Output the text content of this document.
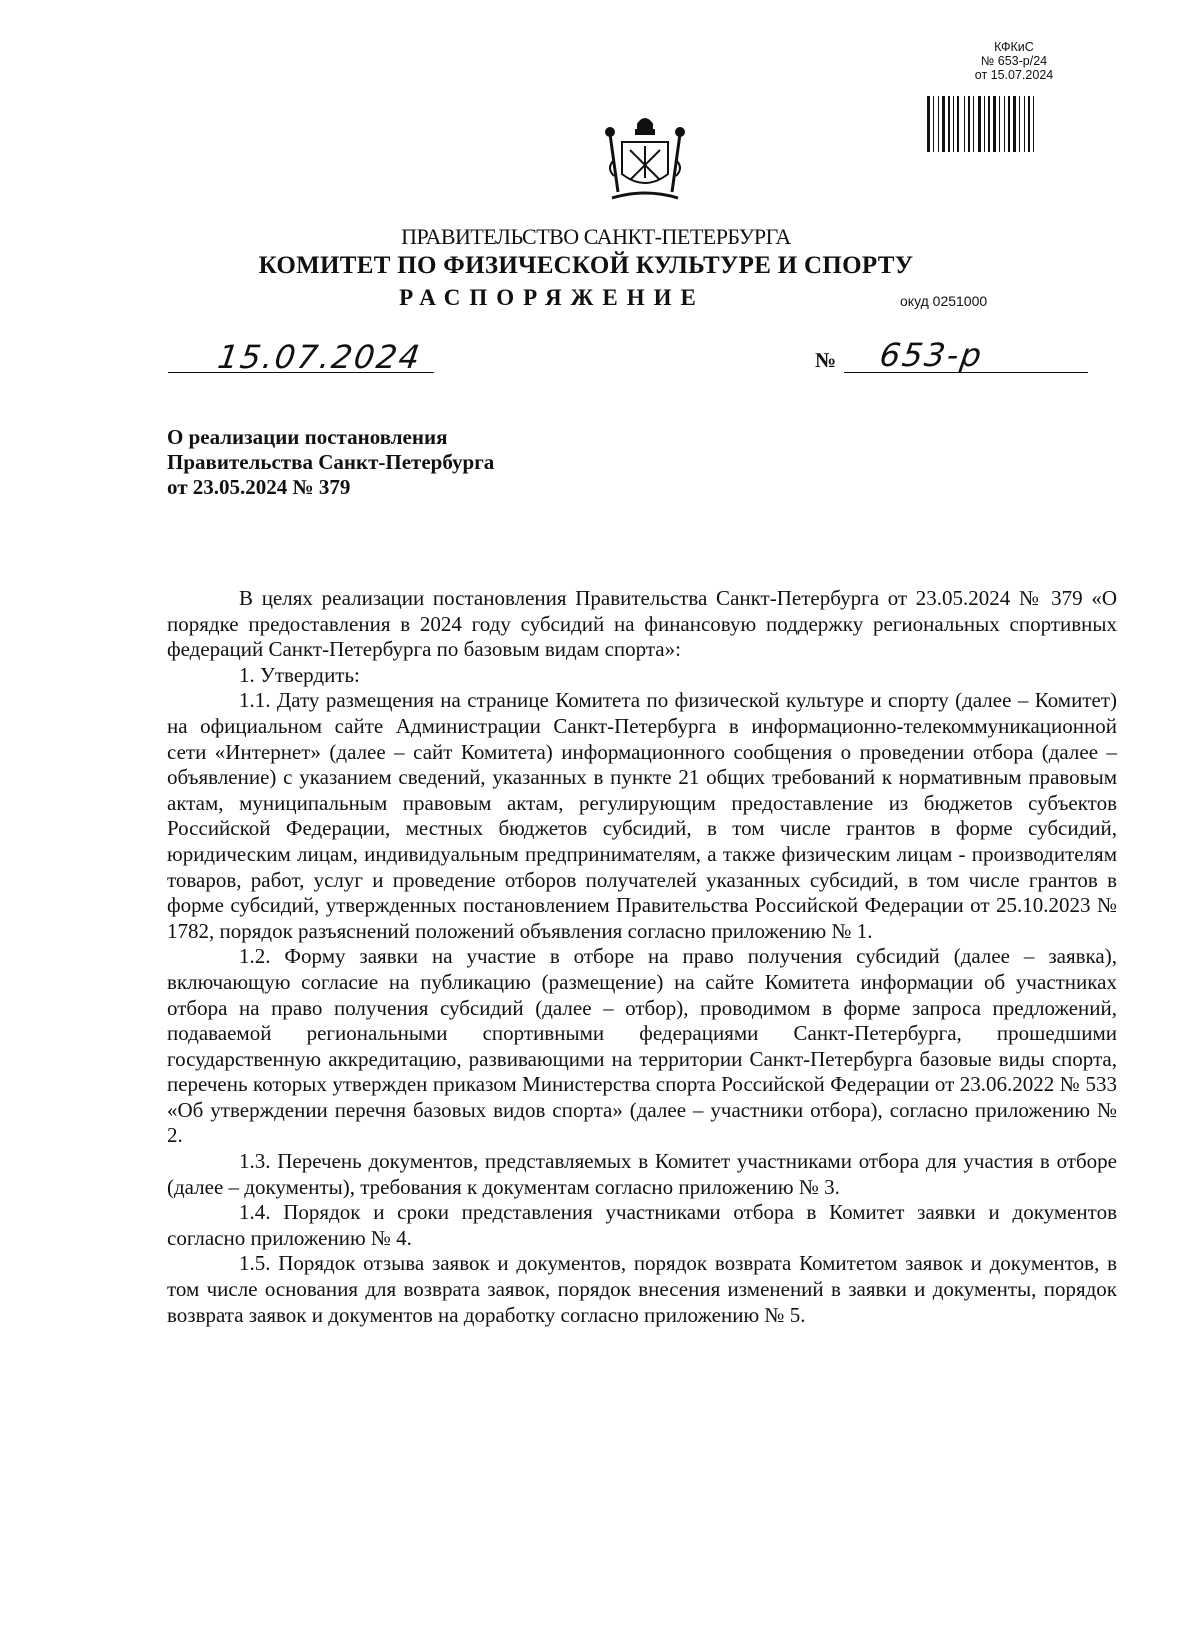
КФКиС
№ 653-р/24
от 15.07.2024
ПРАВИТЕЛЬСТВО САНКТ-ПЕТЕРБУРГА
КОМИТЕТ ПО ФИЗИЧЕСКОЙ КУЛЬТУРЕ И СПОРТУ
РАСПОРЯЖЕНИЕ	окуд 0251000
15.07.2024	№ 653-р
О реализации постановления
Правительства Санкт-Петербурга
от 23.05.2024 № 379

В целях реализации постановления Правительства Санкт-Петербурга от 23.05.2024 № 379 «О порядке предоставления в 2024 году субсидий на финансовую поддержку региональных спортивных федераций Санкт-Петербурга по базовым видам спорта»:

1. Утвердить:

1.1. Дату размещения на странице Комитета по физической культуре и спорту (далее – Комитет) на официальном сайте Администрации Санкт-Петербурга в информационно-телекоммуникационной сети «Интернет» (далее – сайт Комитета) информационного сообщения о проведении отбора (далее – объявление) с указанием сведений, указанных в пункте 21 общих требований к нормативным правовым актам, муниципальным правовым актам, регулирующим предоставление из бюджетов субъектов Российской Федерации, местных бюджетов субсидий, в том числе грантов в форме субсидий, юридическим лицам, индивидуальным предпринимателям, а также физическим лицам - производителям товаров, работ, услуг и проведение отборов получателей указанных субсидий, в том числе грантов в форме субсидий, утвержденных постановлением Правительства Российской Федерации от 25.10.2023 № 1782, порядок разъяснений положений объявления согласно приложению № 1.

1.2. Форму заявки на участие в отборе на право получения субсидий (далее – заявка), включающую согласие на публикацию (размещение) на сайте Комитета информации об участниках отбора на право получения субсидий (далее – отбор), проводимом в форме запроса предложений, подаваемой региональными спортивными федерациями Санкт-Петербурга, прошедшими государственную аккредитацию, развивающими на территории Санкт-Петербурга базовые виды спорта, перечень которых утвержден приказом Министерства спорта Российской Федерации от 23.06.2022 № 533 «Об утверждении перечня базовых видов спорта» (далее – участники отбора), согласно приложению № 2.

1.3. Перечень документов, представляемых в Комитет участниками отбора для участия в отборе (далее – документы), требования к документам согласно приложению № 3.

1.4. Порядок и сроки представления участниками отбора в Комитет заявки и документов согласно приложению № 4.

1.5. Порядок отзыва заявок и документов, порядок возврата Комитетом заявок и документов, в том числе основания для возврата заявок, порядок внесения изменений в заявки и документы, порядок возврата заявок и документов на доработку согласно приложению № 5.
